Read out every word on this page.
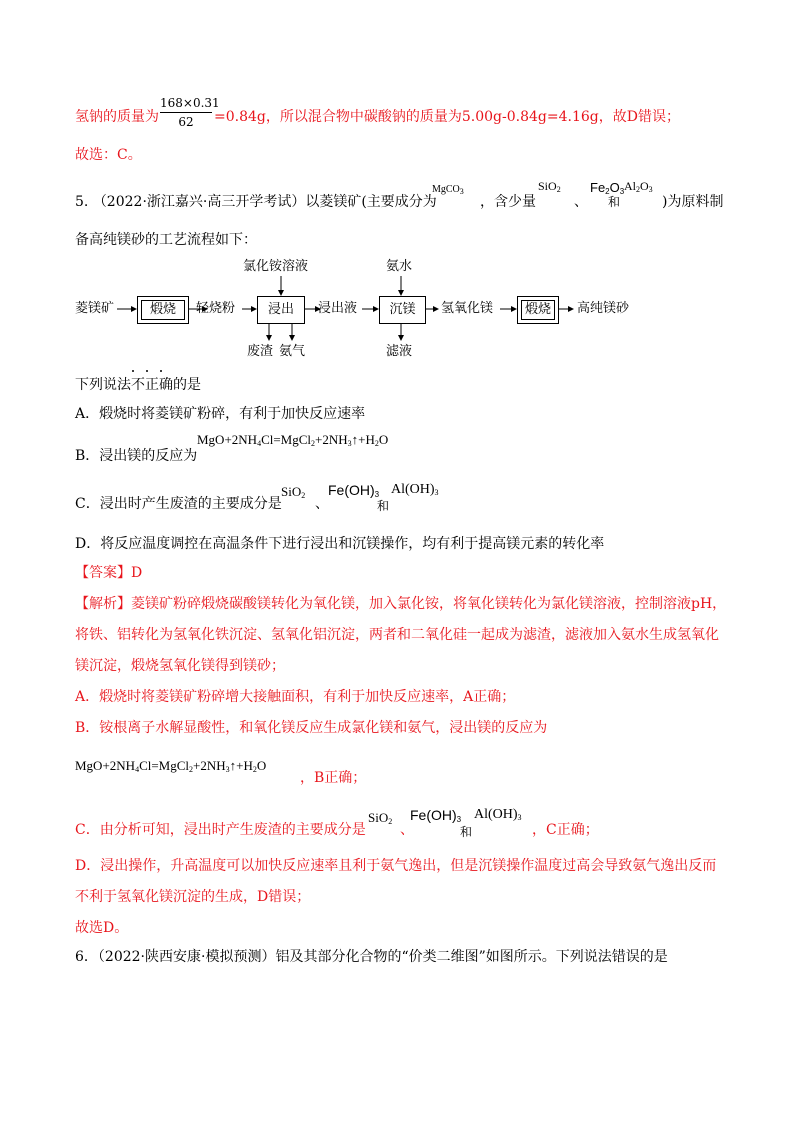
氢钠的质量为
168×0.31
62	=0.84g，所以混合物中碳酸钠的质量为5.00g-0.84g=4.16g，故D错误；
故选：C。
5. （2022·浙江嘉兴·高三开学考试）以菱镁矿(主要成分为
MgCO$_3$
，含少量
SiO$_2$
、
$Fe_2O_3$
和
$Al_2O_3$
)为原料制
备高纯镁砂的工艺流程如下：
氯化铵溶液	氨水
菱镁矿	煅烧	轻烧粉	浸出	浸出液	沉镁	氢氧化镁	煅烧	高纯镁砂
废渣 氨气	滤液
下列说法不正确的是
A．煅烧时将菱镁矿粉碎，有利于加快反应速率
B．浸出镁的反应为
$MgO+2NH_4Cl=MgCl_2+2NH_3↑+H_2O$
C．浸出时产生废渣的主要成分是
SiO$_2$
、
$Fe(OH)_3$
和
$Al(OH)_3$
D．将反应温度调控在高温条件下进行浸出和沉镁操作，均有利于提高镁元素的转化率
【答案】D
【解析】菱镁矿粉碎煅烧碳酸镁转化为氧化镁，加入氯化铵，将氧化镁转化为氯化镁溶液，控制溶液pH，
将铁、铝转化为氢氧化铁沉淀、氢氧化铝沉淀，两者和二氧化硅一起成为滤渣，滤液加入氨水生成氢氧化
镁沉淀，煅烧氢氧化镁得到镁砂；
A．煅烧时将菱镁矿粉碎增大接触面积，有利于加快反应速率，A正确；
B．铵根离子水解显酸性，和氧化镁反应生成氯化镁和氨气，浸出镁的反应为
$MgO+2NH_4Cl=MgCl_2+2NH_3↑+H_2O$
，B正确；
C．由分析可知，浸出时产生废渣的主要成分是
SiO$_2$
、
$Fe(OH)_3$
和
$Al(OH)_3$
，C正确；
D．浸出操作，升高温度可以加快反应速率且利于氨气逸出，但是沉镁操作温度过高会导致氨气逸出反而
不利于氢氧化镁沉淀的生成，D错误；
故选D。
6．（2022·陕西安康·模拟预测）铝及其部分化合物的“价类二维图”如图所示。下列说法错误的是
